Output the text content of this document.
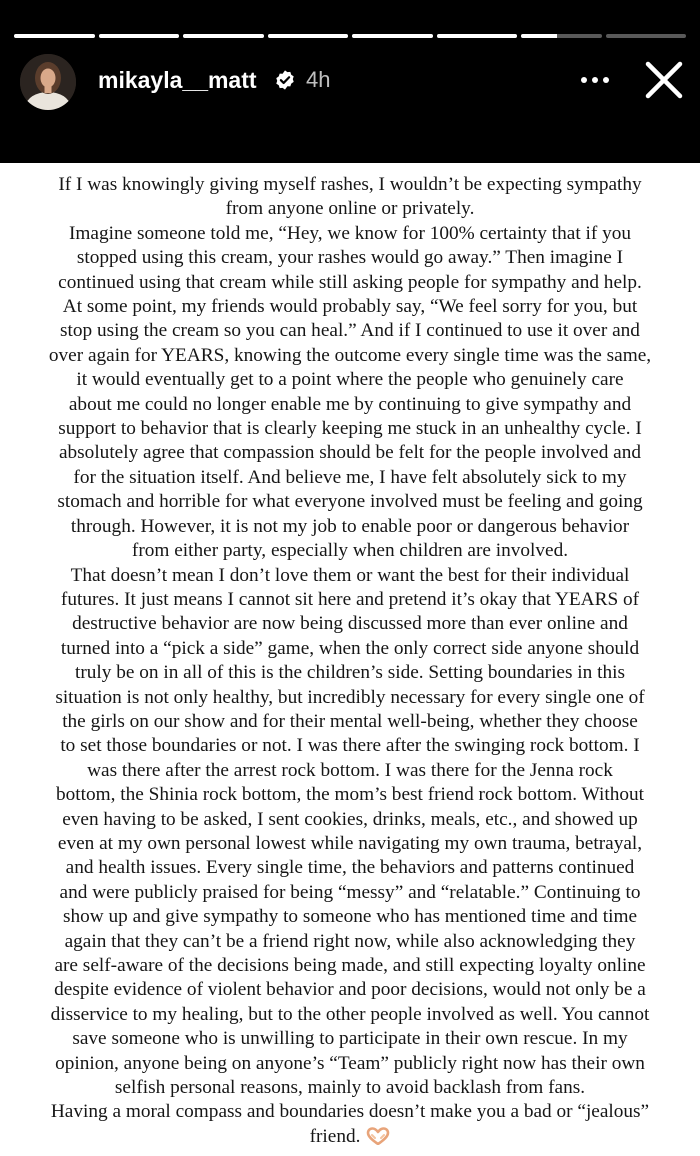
mikayla__matt 4h

If I was knowingly giving myself rashes, I wouldn’t be expecting sympathy
from anyone online or privately.
Imagine someone told me, “Hey, we know for 100% certainty that if you
stopped using this cream, your rashes would go away.” Then imagine I
continued using that cream while still asking people for sympathy and help.
At some point, my friends would probably say, “We feel sorry for you, but
stop using the cream so you can heal.” And if I continued to use it over and
over again for YEARS, knowing the outcome every single time was the same,
it would eventually get to a point where the people who genuinely care
about me could no longer enable me by continuing to give sympathy and
support to behavior that is clearly keeping me stuck in an unhealthy cycle. I
absolutely agree that compassion should be felt for the people involved and
for the situation itself. And believe me, I have felt absolutely sick to my
stomach and horrible for what everyone involved must be feeling and going
through. However, it is not my job to enable poor or dangerous behavior
from either party, especially when children are involved.
That doesn’t mean I don’t love them or want the best for their individual
futures. It just means I cannot sit here and pretend it’s okay that YEARS of
destructive behavior are now being discussed more than ever online and
turned into a “pick a side” game, when the only correct side anyone should
truly be on in all of this is the children’s side. Setting boundaries in this
situation is not only healthy, but incredibly necessary for every single one of
the girls on our show and for their mental well-being, whether they choose
to set those boundaries or not. I was there after the swinging rock bottom. I
was there after the arrest rock bottom. I was there for the Jenna rock
bottom, the Shinia rock bottom, the mom’s best friend rock bottom. Without
even having to be asked, I sent cookies, drinks, meals, etc., and showed up
even at my own personal lowest while navigating my own trauma, betrayal,
and health issues. Every single time, the behaviors and patterns continued
and were publicly praised for being “messy” and “relatable.” Continuing to
show up and give sympathy to someone who has mentioned time and time
again that they can’t be a friend right now, while also acknowledging they
are self-aware of the decisions being made, and still expecting loyalty online
despite evidence of violent behavior and poor decisions, would not only be a
disservice to my healing, but to the other people involved as well. You cannot
save someone who is unwilling to participate in their own rescue. In my
opinion, anyone being on anyone’s “Team” publicly right now has their own
selfish personal reasons, mainly to avoid backlash from fans.
Having a moral compass and boundaries doesn’t make you a bad or “jealous”
friend.
